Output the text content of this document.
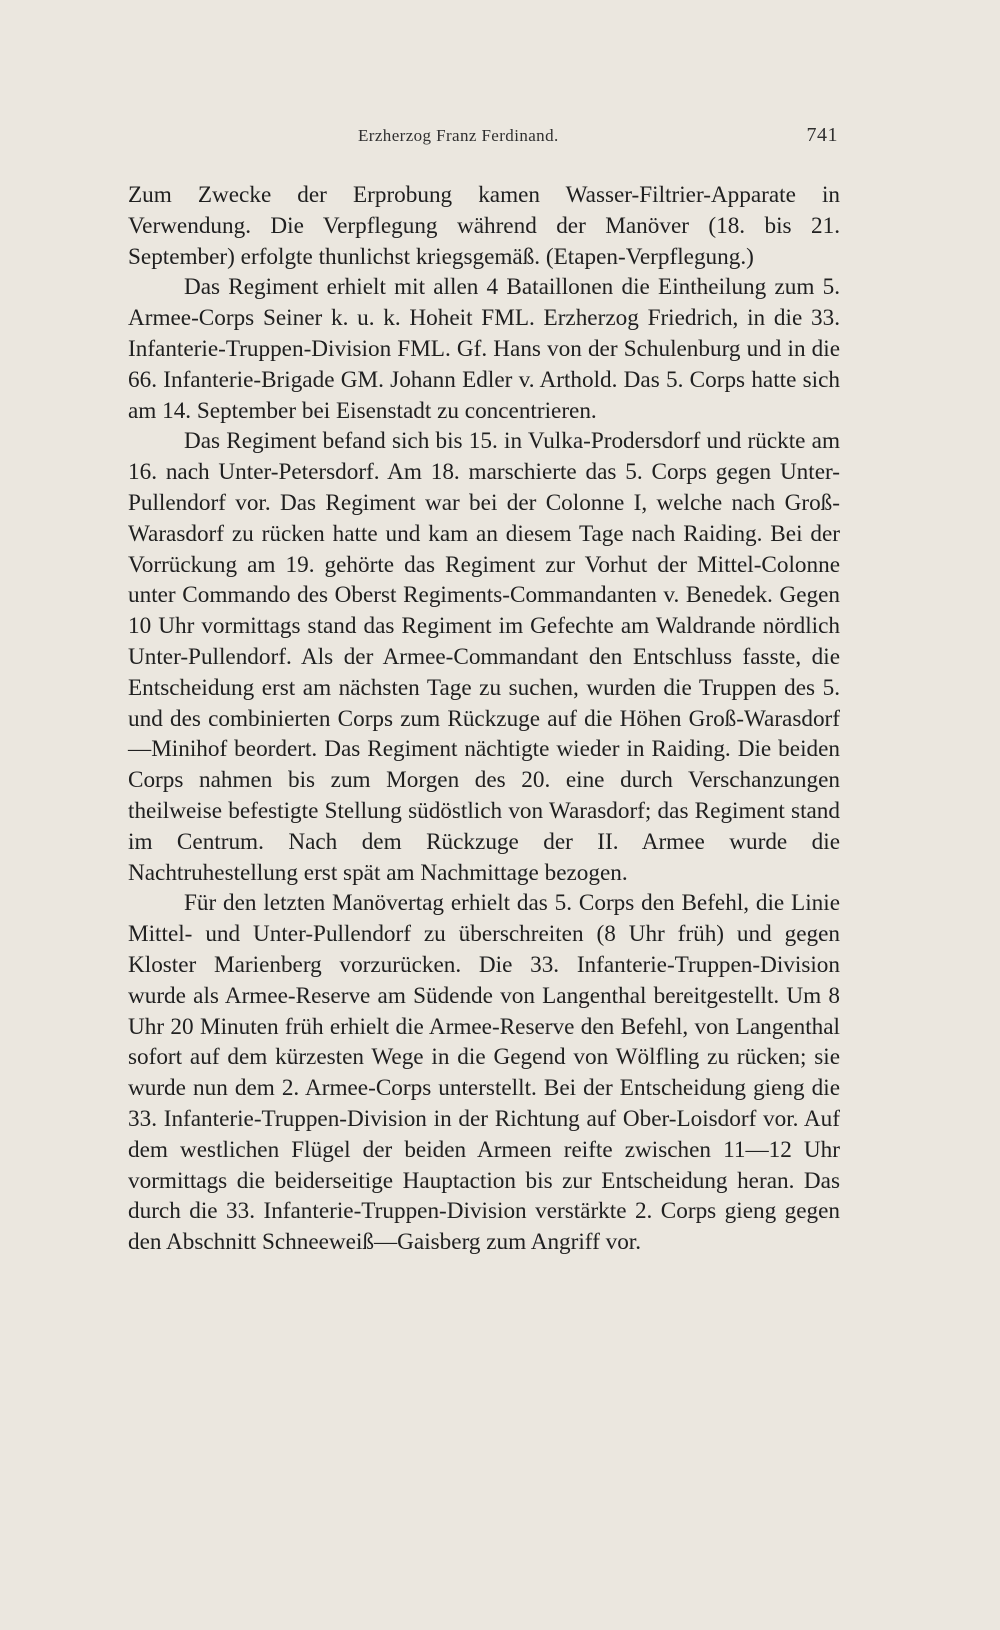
Erzherzog Franz Ferdinand.	741

Zum Zwecke der Erprobung kamen Wasser-Filtrier-Apparate in Verwendung. Die Verpflegung während der Manöver (18. bis 21. September) erfolgte thunlichst kriegsgemäß. (Etapen-Verpflegung.)

Das Regiment erhielt mit allen 4 Bataillonen die Eintheilung zum 5. Armee-Corps Seiner k. u. k. Hoheit FML. Erzherzog Friedrich, in die 33. Infanterie-Truppen-Division FML. Gf. Hans von der Schulenburg und in die 66. Infanterie-Brigade GM. Johann Edler v. Arthold. Das 5. Corps hatte sich am 14. September bei Eisenstadt zu concentrieren.

Das Regiment befand sich bis 15. in Vulka-Prodersdorf und rückte am 16. nach Unter-Petersdorf. Am 18. marschierte das 5. Corps gegen Unter-Pullendorf vor. Das Regiment war bei der Colonne I, welche nach Groß-Warasdorf zu rücken hatte und kam an diesem Tage nach Raiding. Bei der Vorrückung am 19. gehörte das Regiment zur Vorhut der Mittel-Colonne unter Commando des Oberst Regiments-Commandanten v. Benedek. Gegen 10 Uhr vormittags stand das Regiment im Gefechte am Waldrande nördlich Unter-Pullendorf. Als der Armee-Commandant den Entschluss fasste, die Entscheidung erst am nächsten Tage zu suchen, wurden die Truppen des 5. und des combinierten Corps zum Rückzuge auf die Höhen Groß-Warasdorf—Minihof beordert. Das Regiment nächtigte wieder in Raiding. Die beiden Corps nahmen bis zum Morgen des 20. eine durch Verschanzungen theilweise befestigte Stellung südöstlich von Warasdorf; das Regiment stand im Centrum. Nach dem Rückzuge der II. Armee wurde die Nachtruhestellung erst spät am Nachmittage bezogen.

Für den letzten Manövertag erhielt das 5. Corps den Befehl, die Linie Mittel- und Unter-Pullendorf zu überschreiten (8 Uhr früh) und gegen Kloster Marienberg vorzurücken. Die 33. Infanterie-Truppen-Division wurde als Armee-Reserve am Südende von Langenthal bereitgestellt. Um 8 Uhr 20 Minuten früh erhielt die Armee-Reserve den Befehl, von Langenthal sofort auf dem kürzesten Wege in die Gegend von Wölfling zu rücken; sie wurde nun dem 2. Armee-Corps unterstellt. Bei der Entscheidung gieng die 33. Infanterie-Truppen-Division in der Richtung auf Ober-Loisdorf vor. Auf dem westlichen Flügel der beiden Armeen reifte zwischen 11—12 Uhr vormittags die beiderseitige Hauptaction bis zur Entscheidung heran. Das durch die 33. Infanterie-Truppen-Division verstärkte 2. Corps gieng gegen den Abschnitt Schneeweiß—Gaisberg zum Angriff vor.
